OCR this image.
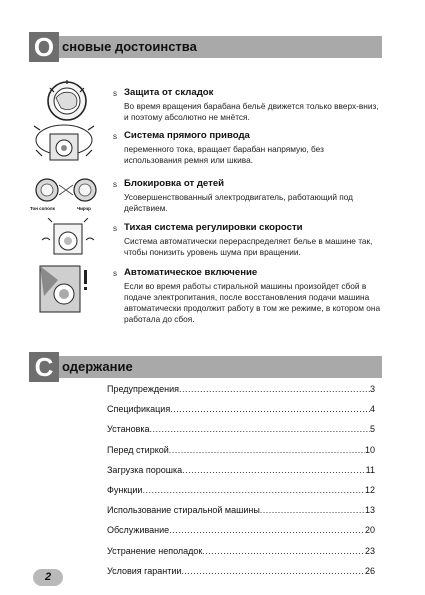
О сновые достоинства
s Защита от складок
Во время вращения барабана бельё движется только вверх-вниз, и поэтому абсолютно не мнётся.
s Система прямого привода
переменного тока, вращает барабан напрямую, без использования ремня или шкива.
Тон сополк	Чирчр
s Блокировка от детей
Усовершенствованный электродвигатель, работающий под действием.
s Тихая система регулировки скорости
Система автоматически перераспределяет белье в машине так, чтобы понизить уровень шума при вращении.
s Автоматическое включение
Если во время работы стиральной машины произойдет сбой в подаче электропитания, после восстановления подачи машина автоматически продолжит работу в том же режиме, в котором она работала до сбоя.
С одержание
Предупреждения .....	3
Спецификация .....	4
Установка .....	5
Перед стиркой .....	10
Загрузка порошка .....	11
Функции .....	12
Использование стиральной машины .....	13
Обслуживание .....	20
Устранение неполадок .....	23
Условия гарантии .....	26
2
